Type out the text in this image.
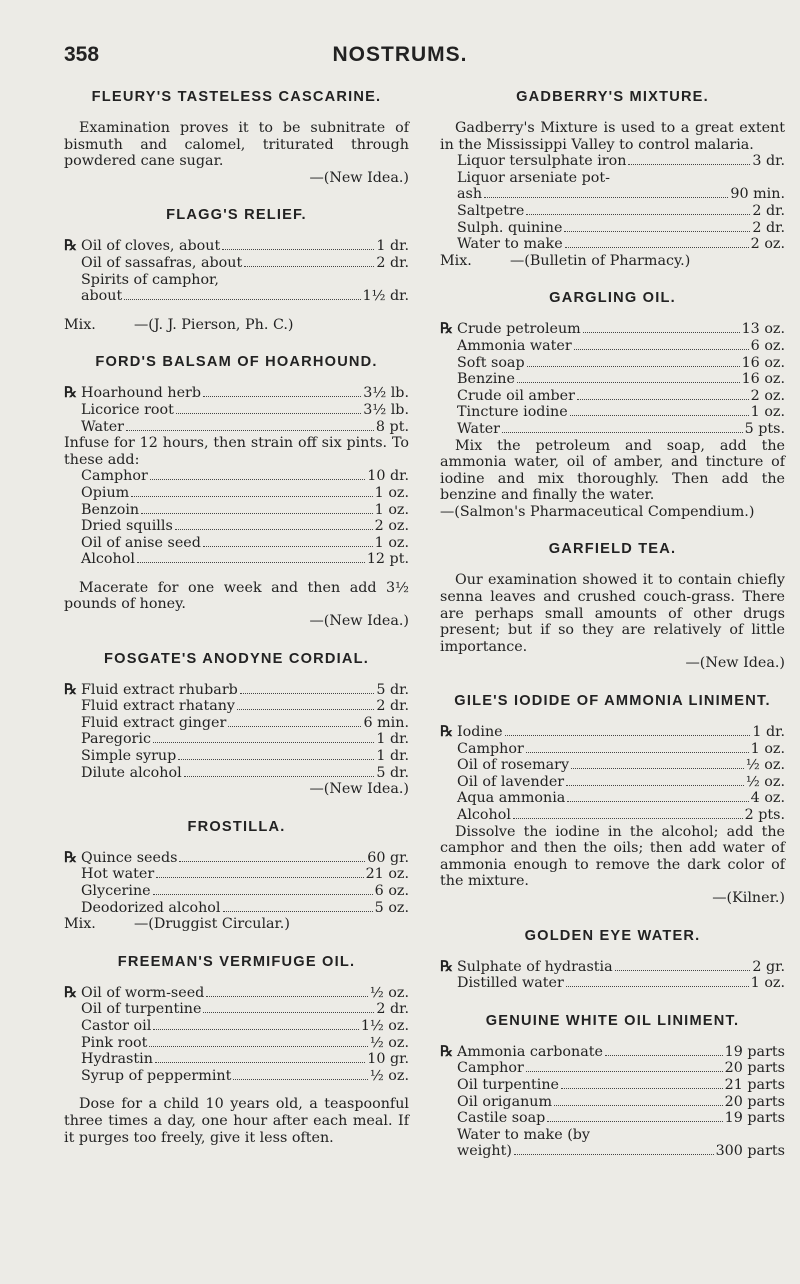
358	NOSTRUMS.
FLEURY'S TASTELESS CASCARINE.

Examination proves it to be subnitrate of bismuth and calomel, triturated through powdered cane sugar.

—(New Idea.)

FLAGG'S RELIEF.
℞ Oil of cloves, about	1 dr.
Oil of sassafras, about	2 dr.
Spirits of camphor,
about	1½ dr.
Mix.	—(J. J. Pierson, Ph. C.)
FORD'S BALSAM OF HOARHOUND.
℞ Hoarhound herb	3½ lb.
Licorice root	3½ lb.
Water	8 pt.

Infuse for 12 hours, then strain off six pints. To these add:

Camphor	10 dr.
Opium	1 oz.
Benzoin	1 oz.
Dried squills	2 oz.
Oil of anise seed	1 oz.
Alcohol	12 pt.

Macerate for one week and then add 3½ pounds of honey.

—(New Idea.)

FOSGATE'S ANODYNE CORDIAL.
℞ Fluid extract rhubarb	5 dr.
Fluid extract rhatany	2 dr.
Fluid extract ginger	6 min.
Paregoric	1 dr.
Simple syrup	1 dr.
Dilute alcohol	5 dr.

—(New Idea.)

FROSTILLA.
℞ Quince seeds	60 gr.
Hot water	21 oz.
Glycerine	6 oz.
Deodorized alcohol	5 oz.
Mix.	—(Druggist Circular.)
FREEMAN'S VERMIFUGE OIL.
℞ Oil of worm-seed	½ oz.
Oil of turpentine	2 dr.
Castor oil	1½ oz.
Pink root	½ oz.
Hydrastin	10 gr.
Syrup of peppermint	½ oz.

Dose for a child 10 years old, a teaspoonful three times a day, one hour after each meal. If it purges too freely, give it less often.

GADBERRY'S MIXTURE.

Gadberry's Mixture is used to a great extent in the Mississippi Valley to control malaria.

Liquor tersulphate iron	3 dr.
Liquor arseniate pot-
ash	90 min.
Saltpetre	2 dr.
Sulph. quinine	2 dr.
Water to make	2 oz.
Mix.	—(Bulletin of Pharmacy.)
GARGLING OIL.
℞ Crude petroleum	13 oz.
Ammonia water	6 oz.
Soft soap	16 oz.
Benzine	16 oz.
Crude oil amber	2 oz.
Tincture iodine	1 oz.
Water	5 pts.

Mix the petroleum and soap, add the ammonia water, oil of amber, and tincture of iodine and mix thoroughly. Then add the benzine and finally the water.

—(Salmon's Pharmaceutical Compendium.)

GARFIELD TEA.

Our examination showed it to contain chiefly senna leaves and crushed couch-grass. There are perhaps small amounts of other drugs present; but if so they are relatively of little importance.

—(New Idea.)

GILE'S IODIDE OF AMMONIA LINIMENT.
℞ Iodine	1 dr.
Camphor	1 oz.
Oil of rosemary	½ oz.
Oil of lavender	½ oz.
Aqua ammonia	4 oz.
Alcohol	2 pts.

Dissolve the iodine in the alcohol; add the camphor and then the oils; then add water of ammonia enough to remove the dark color of the mixture.

—(Kilner.)

GOLDEN EYE WATER.
℞ Sulphate of hydrastia	2 gr.
Distilled water	1 oz.
GENUINE WHITE OIL LINIMENT.
℞ Ammonia carbonate	19 parts
Camphor	20 parts
Oil turpentine	21 parts
Oil origanum	20 parts
Castile soap	19 parts
Water to make (by
weight)	300 parts
